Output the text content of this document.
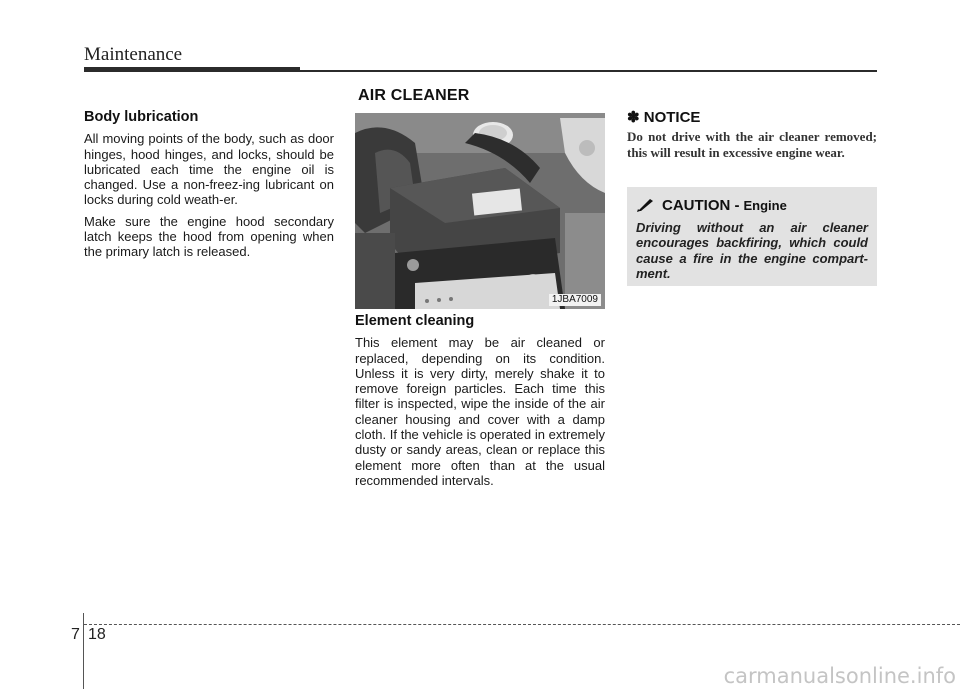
Maintenance
AIR CLEANER
Body lubrication

All moving points of the body, such as door hinges, hood hinges, and locks, should be lubricated each time the engine oil is changed. Use a non-freez-ing lubricant on locks during cold weath-er.

Make sure the engine hood secondary latch keeps the hood from opening when the primary latch is released.

1JBA7009
Element cleaning

This element may be air cleaned or replaced, depending on its condition. Unless it is very dirty, merely shake it to remove foreign particles. Each time this filter is inspected, wipe the inside of the air cleaner housing and cover with a damp cloth. If the vehicle is operated in extremely dusty or sandy areas, clean or replace this element more often than at the usual recommended intervals.

✽ NOTICE

Do not drive with the air cleaner removed; this will result in excessive engine wear.

CAUTION - Engine
Driving without an air cleaner encourages backfiring, which could cause a fire in the engine compart-ment.
7 18
carmanualsonline.info
